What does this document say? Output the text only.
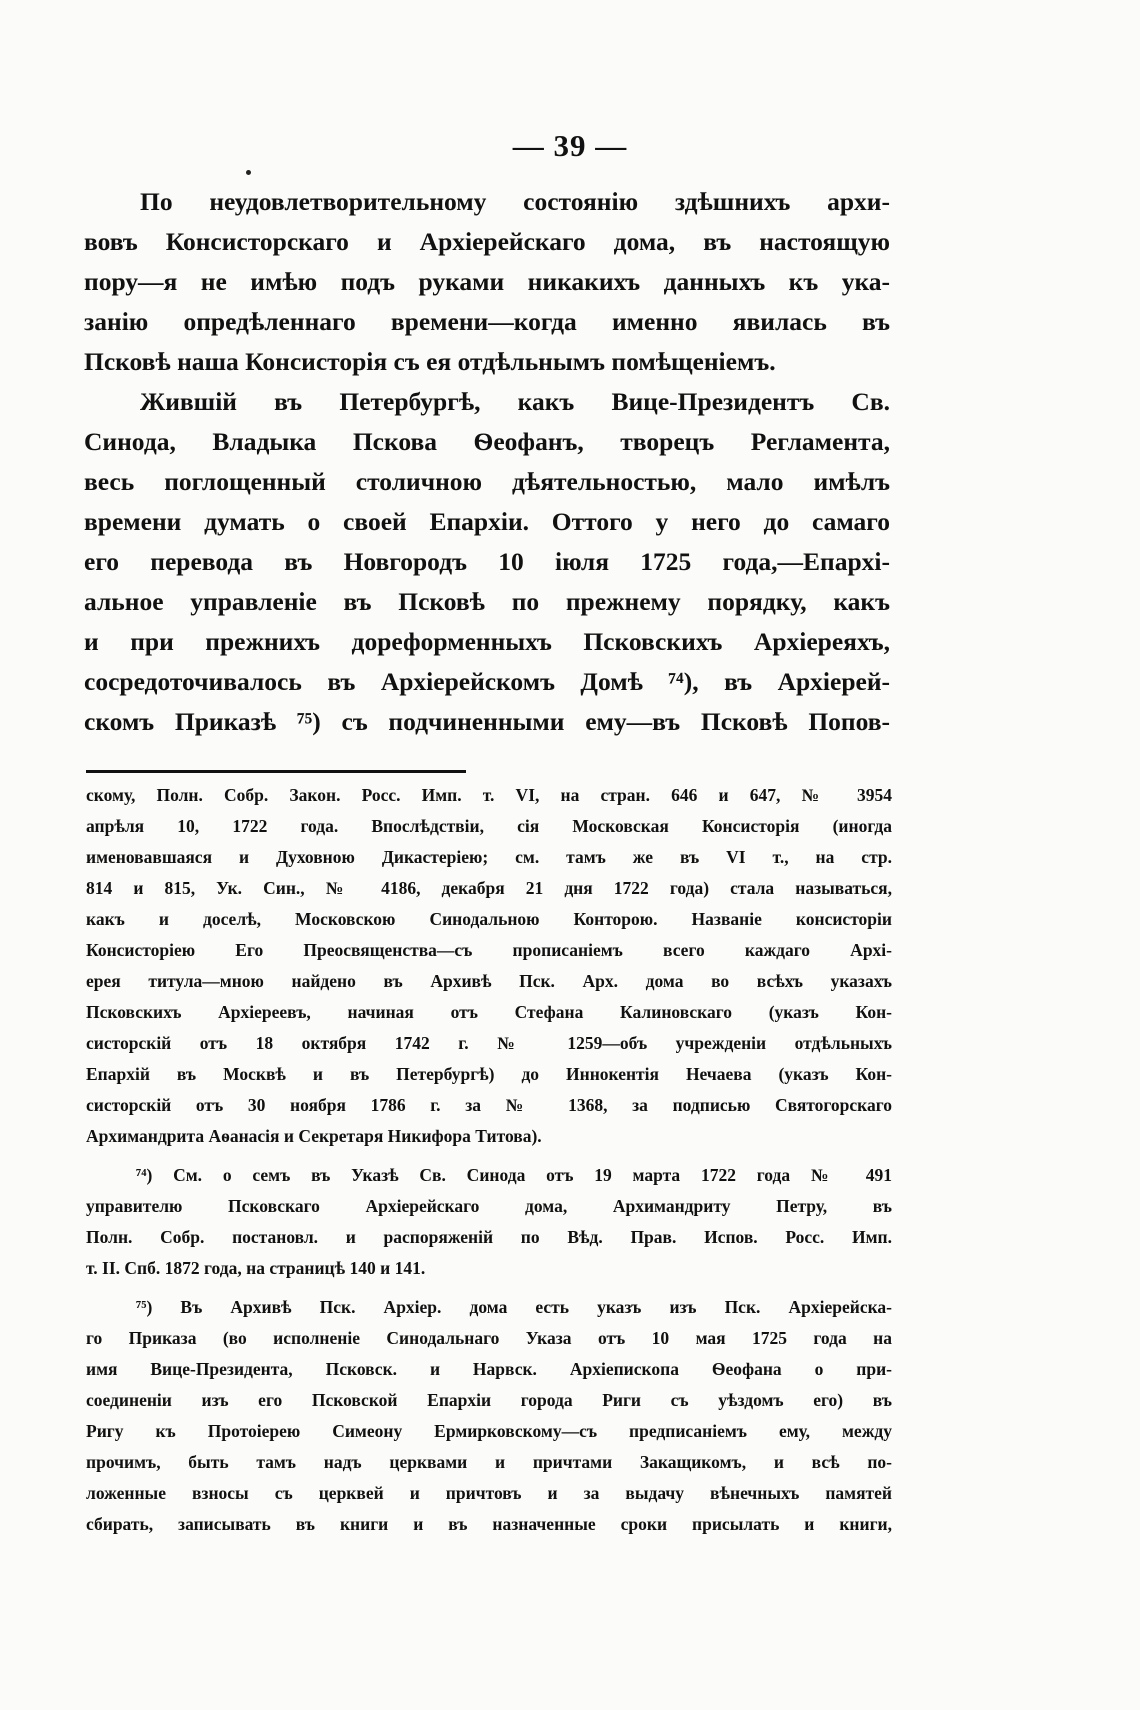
— 39 —
По неудовлетворительному состоянію здѣшнихъ архи-
вовъ Консисторскаго и Архіерейскаго дома, въ настоящую
пору—я не имѣю подъ руками никакихъ данныхъ къ ука-
занію опредѣленнаго времени—когда именно явилась въ
Псковѣ наша Консисторія съ ея отдѣльнымъ помѣщеніемъ.
Жившій въ Петербургѣ, какъ Вице-Президентъ Св.
Синода, Владыка Пскова Ѳеофанъ, творецъ Регламента,
весь поглощенный столичною дѣятельностью, мало имѣлъ
времени думать о своей Епархіи. Оттого у него до самаго
его перевода въ Новгородъ 10 іюля 1725 года,—Епархі-
альное управленіе въ Псковѣ по прежнему порядку, какъ
и при прежнихъ дореформенныхъ Псковскихъ Архіереяхъ,
сосредоточивалось въ Архіерейскомъ Домѣ ⁷⁴), въ Архіерей-
скомъ Приказѣ ⁷⁵) съ подчиненными ему—въ Псковѣ Попов-
скому, Полн. Собр. Закон. Росс. Имп. т. VI, на стран. 646 и 647, № 3954
апрѣля 10, 1722 года. Впослѣдствіи, сія Московская Консисторія (иногда
именовавшаяся и Духовною Дикастеріею; см. тамъ же въ VI т., на стр.
814 и 815, Ук. Син., № 4186, декабря 21 дня 1722 года) стала называться,
какъ и доселѣ, Московскою Синодальною Конторою. Названіе консисторіи
Консисторіею Его Преосвященства—съ прописаніемъ всего каждаго Архі-
ерея титула—мною найдено въ Архивѣ Пск. Арх. дома во всѣхъ указахъ
Псковскихъ Архіереевъ, начиная отъ Стефана Калиновскаго (указъ Кон-
систорскій отъ 18 октября 1742 г. № 1259—объ учрежденіи отдѣльныхъ
Епархій въ Москвѣ и въ Петербургѣ) до Иннокентія Нечаева (указъ Кон-
систорскій отъ 30 ноября 1786 г. за № 1368, за подписью Святогорскаго
Архимандрита Аѳанасія и Секретаря Никифора Титова).
⁷⁴) См. о семъ въ Указѣ Св. Синода отъ 19 марта 1722 года № 491
управителю Псковскаго Архіерейскаго дома, Архимандриту Петру, въ
Полн. Собр. постановл. и распоряженій по Вѣд. Прав. Испов. Росс. Имп.
т. II. Спб. 1872 года, на страницѣ 140 и 141.
⁷⁵) Въ Архивѣ Пск. Архіер. дома есть указъ изъ Пск. Архіерейска-
го Приказа (во исполненіе Синодальнаго Указа отъ 10 мая 1725 года на
имя Вице-Президента, Псковск. и Нарвск. Архіепископа Ѳеофана о при-
соединеніи изъ его Псковской Епархіи города Риги съ уѣздомъ его) въ
Ригу къ Протоіерею Симеону Ермирковскому—съ предписаніемъ ему, между
прочимъ, быть тамъ надъ церквами и причтами Закащикомъ, и всѣ по-
ложенные взносы съ церквей и причтовъ и за выдачу вѣнечныхъ памятей
сбирать, записывать въ книги и въ назначенные сроки присылать и книги,
